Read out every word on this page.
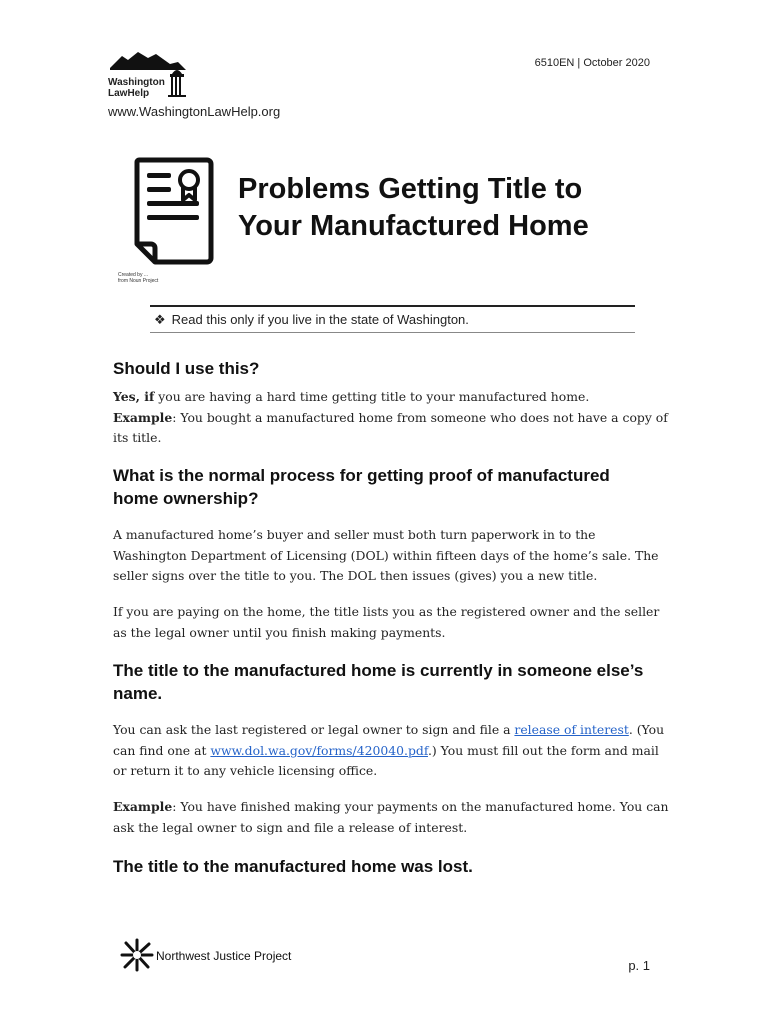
Washington
LawHelp
6510EN | October 2020
www.WashingtonLawHelp.org
Created by ...
from Noun Project
Problems Getting Title to
Your Manufactured Home
❖ Read this only if you live in the state of Washington.
Should I use this?

Yes, if you are having a hard time getting title to your manufactured home.
Example: You bought a manufactured home from someone who does not have a copy of its title.

What is the normal process for getting proof of manufactured home ownership?

A manufactured home’s buyer and seller must both turn paperwork in to the Washington Department of Licensing (DOL) within fifteen days of the home’s sale. The seller signs over the title to you. The DOL then issues (gives) you a new title.

If you are paying on the home, the title lists you as the registered owner and the seller as the legal owner until you finish making payments.

The title to the manufactured home is currently in someone else’s name.

You can ask the last registered or legal owner to sign and file a release of interest. (You can find one at www.dol.wa.gov/forms/420040.pdf.) You must fill out the form and mail or return it to any vehicle licensing office.

Example: You have finished making your payments on the manufactured home. You can ask the legal owner to sign and file a release of interest.

The title to the manufactured home was lost.
Northwest Justice Project
p. 1
